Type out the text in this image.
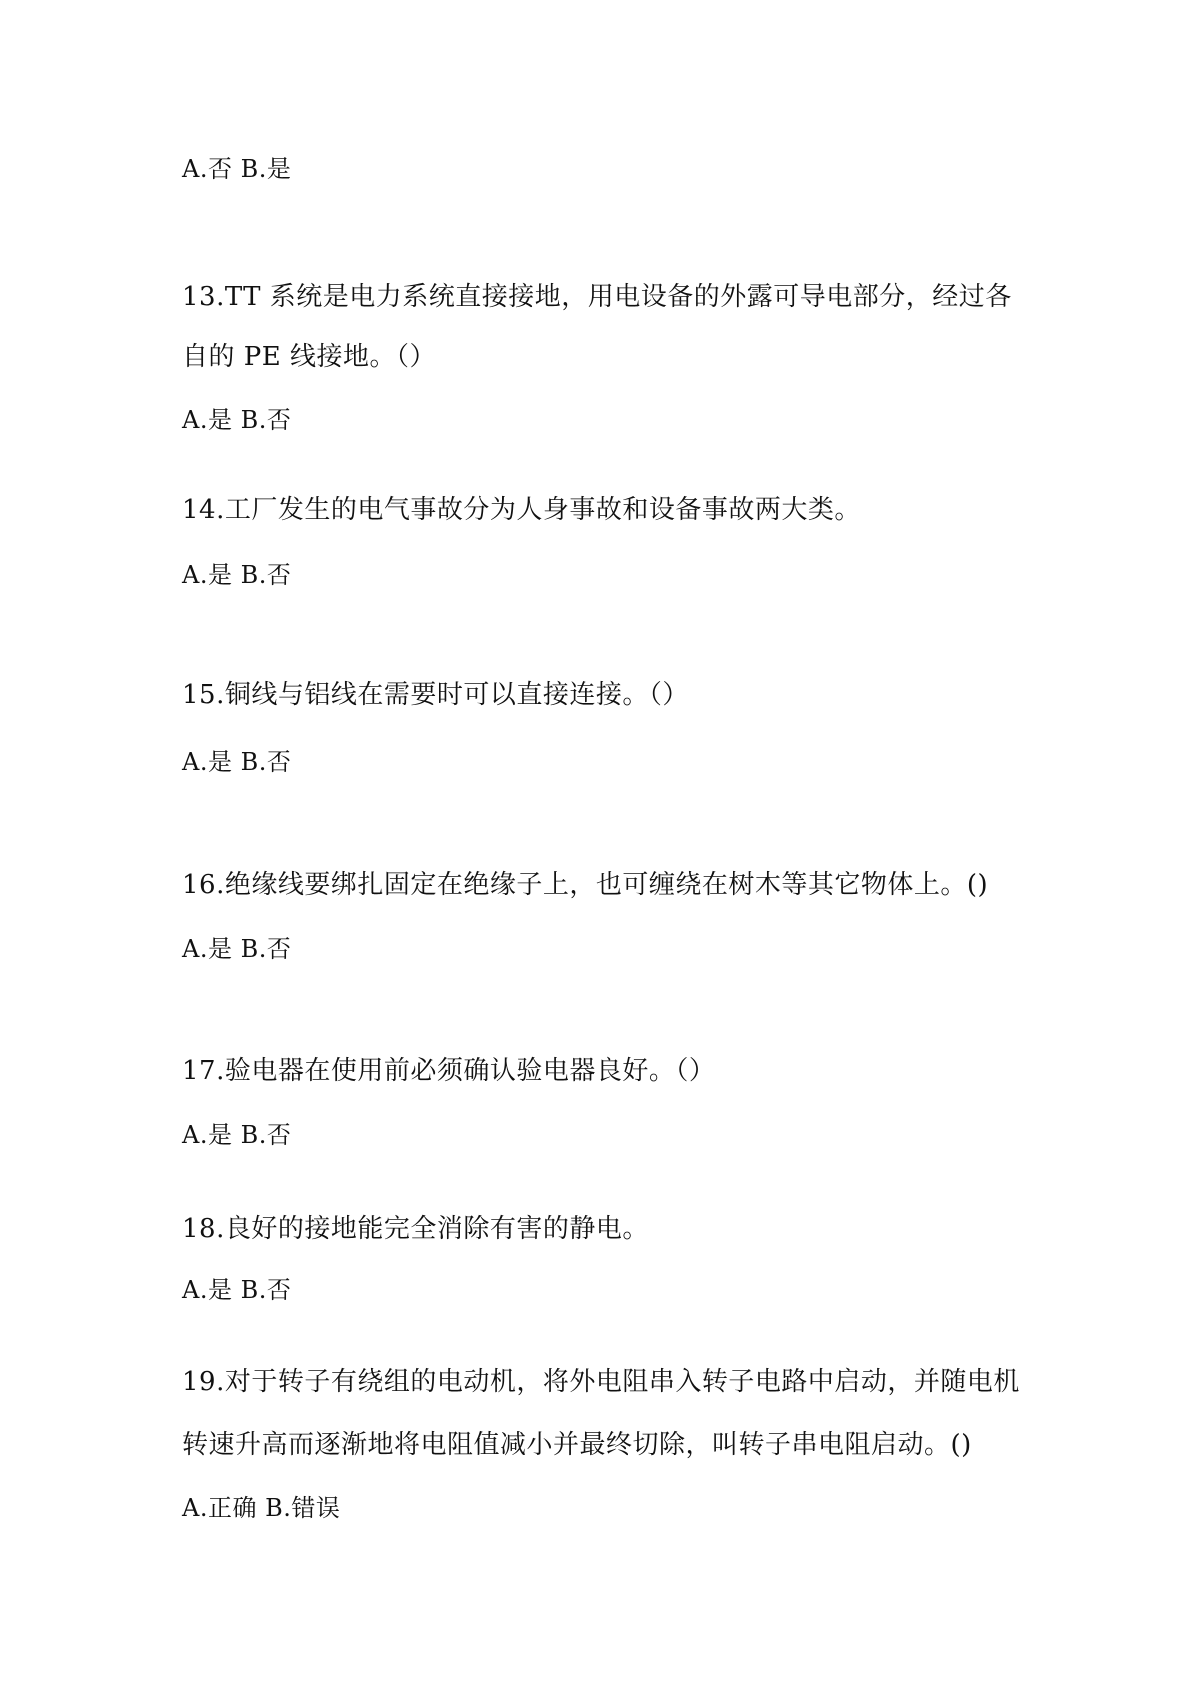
A.否 B.是
13.TT 系统是电力系统直接接地，用电设备的外露可导电部分，经过各
自的 PE 线接地。（）
A.是 B.否
14.工厂发生的电气事故分为人身事故和设备事故两大类。
A.是 B.否
15.铜线与铝线在需要时可以直接连接。（）
A.是 B.否
16.绝缘线要绑扎固定在绝缘子上，也可缠绕在树木等其它物体上。()
A.是 B.否
17.验电器在使用前必须确认验电器良好。（）
A.是 B.否
18.良好的接地能完全消除有害的静电。
A.是 B.否
19.对于转子有绕组的电动机，将外电阻串入转子电路中启动，并随电机
转速升高而逐渐地将电阻值减小并最终切除，叫转子串电阻启动。()
A.正确 B.错误
